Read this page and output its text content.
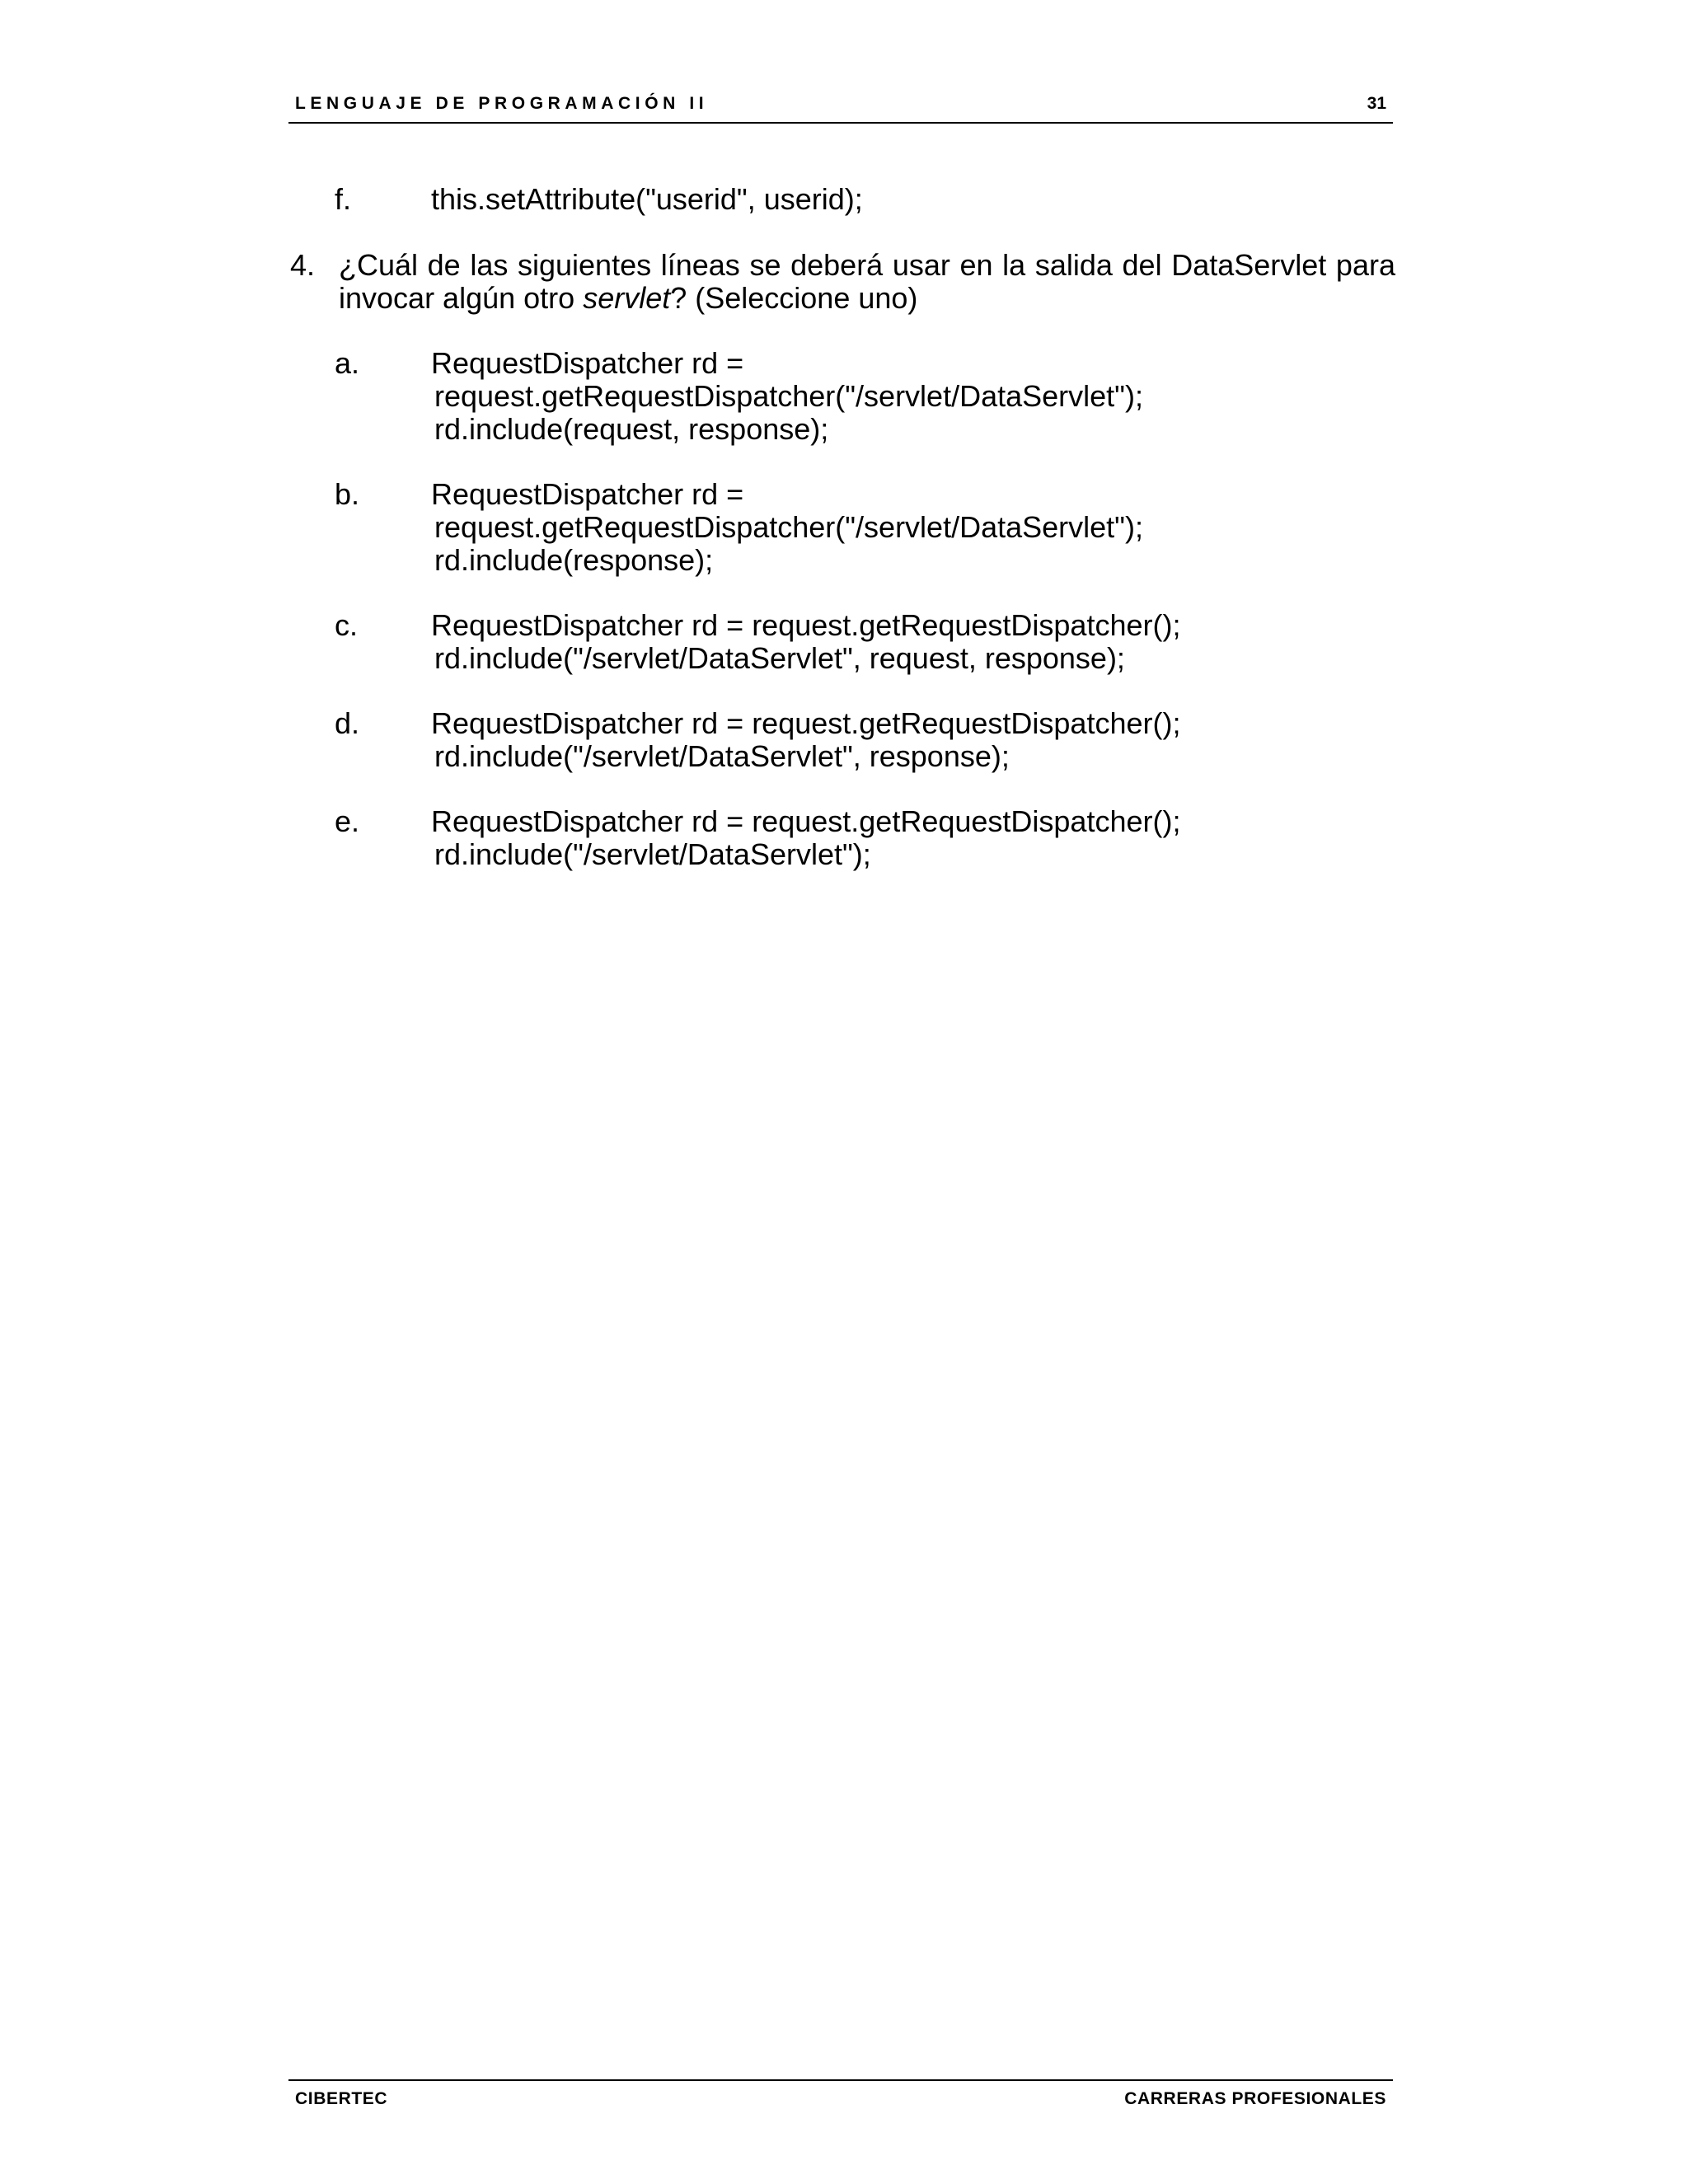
LENGUAJE DE PROGRAMACIÓN II	31
f.	this.setAttribute("userid", userid);
4. ¿Cuál de las siguientes líneas se deberá usar en la salida del DataServlet para
invocar algún otro servlet? (Seleccione uno)
a. RequestDispatcher rd =
request.getRequestDispatcher("/servlet/DataServlet");
rd.include(request, response);
b. RequestDispatcher rd =
request.getRequestDispatcher("/servlet/DataServlet");
rd.include(response);
c. RequestDispatcher rd = request.getRequestDispatcher();
rd.include("/servlet/DataServlet", request, response);
d. RequestDispatcher rd = request.getRequestDispatcher();
rd.include("/servlet/DataServlet", response);
e. RequestDispatcher rd = request.getRequestDispatcher();
rd.include("/servlet/DataServlet");
CIBERTEC	CARRERAS PROFESIONALES
